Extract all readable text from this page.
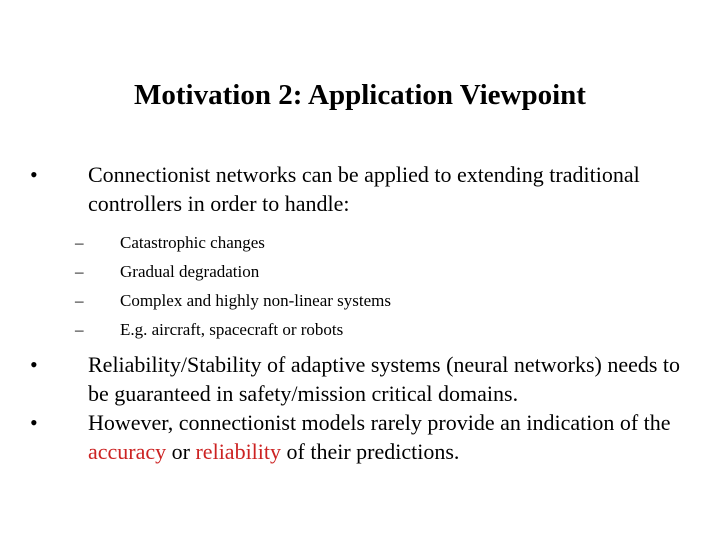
Motivation 2: Application Viewpoint
• Connectionist networks can be applied to extending traditional controllers in order to handle:
– Catastrophic changes
– Gradual degradation
– Complex and highly non-linear systems
– E.g. aircraft, spacecraft or robots
• Reliability/Stability of adaptive systems (neural networks) needs to be guaranteed in safety/mission critical domains.
• However, connectionist models rarely provide an indication of the accuracy or reliability of their predictions.
